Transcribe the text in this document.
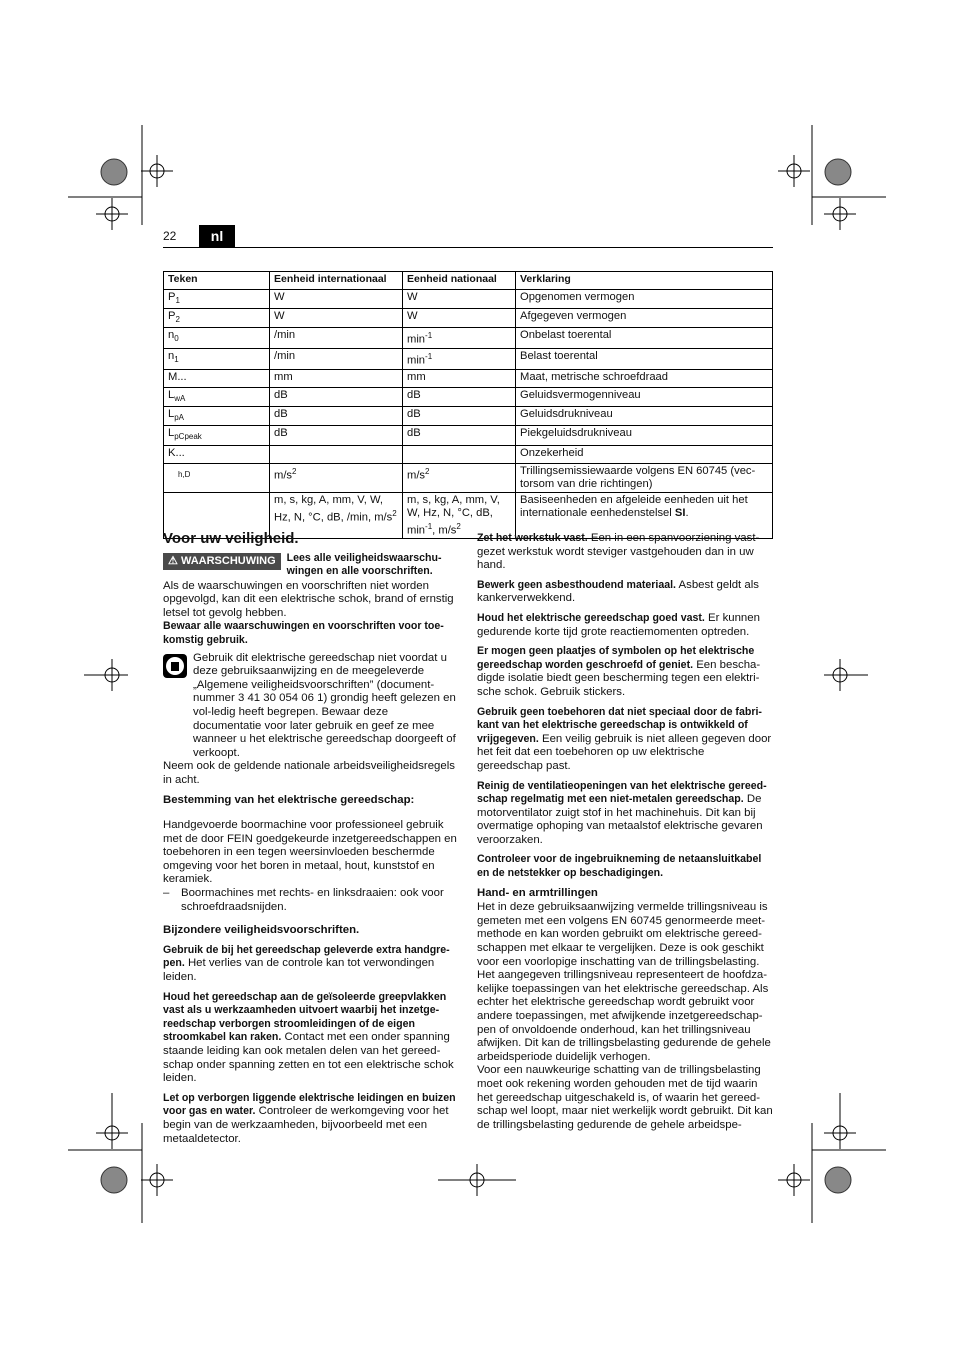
22	nl
Teken	Eenheid internationaal	Eenheid nationaal	Verklaring
$P_1$	W	W	Opgenomen vermogen
$P_2$	W	W	Afgegeven vermogen
$n_0$	/min	$\min^{-1}$	Onbelast toerental
$n_1$	/min	$\min^{-1}$	Belast toerental
M...	mm	mm	Maat, metrische schroefdraad
$L_{wA}$	dB	dB	Geluidsvermogenniveau
$L_{pA}$	dB	dB	Geluidsdrukniveau
$L_{pCpeak}$	dB	dB	Piekgeluidsdrukniveau
K...			Onzekerheid
$_{h,D}$	$m/s^2$	$m/s^2$	Trillingsemissiewaarde volgens EN 60745 (vec-torsom van drie richtingen)
	m, s, kg, A, mm, V, W, Hz, N, °C, dB, /min, $m/s^2$	m, s, kg, A, mm, V, W, Hz, N, °C, dB, $\min^{-1}$, $m/s^2$	Basiseenheden en afgeleide eenheden uit het internationale eenhedenstelsel SI.
Voor uw veiligheid.
⚠ WAARSCHUWING	Lees alle veiligheidswaarschu-wingen en alle voorschriften.

Als de waarschuwingen en voorschriften niet worden opgevolgd, kan dit een elektrische schok, brand of ernstig letsel tot gevolg hebben.

Bewaar alle waarschuwingen en voorschriften voor toe-komstig gebruik.

Gebruik dit elektrische gereedschap niet voordat u deze gebruiksaanwijzing en de meegeleverde „Algemene veiligheidsvoorschriften” (document-nummer 3 41 30 054 06 1) grondig heeft gelezen en vol-ledig heeft begrepen. Bewaar deze documentatie voor later gebruik en geef ze mee wanneer u het elektrische gereedschap doorgeeft of verkoopt.

Neem ook de geldende nationale arbeidsveiligheidsregels in acht.

Bestemming van het elektrische gereedschap:

Handgevoerde boormachine voor professioneel gebruik met de door FEIN goedgekeurde inzetgereedschappen en toebehoren in een tegen weersinvloeden beschermde omgeving voor het boren in metaal, hout, kunststof en keramiek.

–	Boormachines met rechts- en linksdraaien: ook voor schroefdraadsnijden.
Bijzondere veiligheidsvoorschriften.

Gebruik de bij het gereedschap geleverde extra handgre-pen. Het verlies van de controle kan tot verwondingen leiden.

Houd het gereedschap aan de geïsoleerde greepvlakken vast als u werkzaamheden uitvoert waarbij het inzetge-reedschap verborgen stroomleidingen of de eigen stroomkabel kan raken. Contact met een onder spanning staande leiding kan ook metalen delen van het gereed-schap onder spanning zetten en tot een elektrische schok leiden.

Let op verborgen liggende elektrische leidingen en buizen voor gas en water. Controleer de werkomgeving voor het begin van de werkzaamheden, bijvoorbeeld met een metaaldetector.

Zet het werkstuk vast. Een in een spanvoorziening vast-gezet werkstuk wordt steviger vastgehouden dan in uw hand.

Bewerk geen asbesthoudend materiaal. Asbest geldt als kankerverwekkend.

Houd het elektrische gereedschap goed vast. Er kunnen gedurende korte tijd grote reactiemomenten optreden.

Er mogen geen plaatjes of symbolen op het elektrische gereedschap worden geschroefd of geniet. Een bescha-digde isolatie biedt geen bescherming tegen een elektri-sche schok. Gebruik stickers.

Gebruik geen toebehoren dat niet speciaal door de fabri-kant van het elektrische gereedschap is ontwikkeld of vrijgegeven. Een veilig gebruik is niet alleen gegeven door het feit dat een toebehoren op uw elektrische gereedschap past.

Reinig de ventilatieopeningen van het elektrische gereed-schap regelmatig met een niet-metalen gereedschap. De motorventilator zuigt stof in het machinehuis. Dit kan bij overmatige ophoping van metaalstof elektrische gevaren veroorzaken.

Controleer voor de ingebruikneming de netaansluitkabel en de netstekker op beschadigingen.

Hand- en armtrillingen

Het in deze gebruiksaanwijzing vermelde trillingsniveau is gemeten met een volgens EN 60745 genormeerde meet-methode en kan worden gebruikt om elektrische gereed-schappen met elkaar te vergelijken. Deze is ook geschikt voor een voorlopige inschatting van de trillingsbelasting. Het aangegeven trillingsniveau representeert de hoofdza-kelijke toepassingen van het elektrische gereedschap. Als echter het elektrische gereedschap wordt gebruikt voor andere toepassingen, met afwijkende inzetgereedschap-pen of onvoldoende onderhoud, kan het trillingsniveau afwijken. Dit kan de trillingsbelasting gedurende de gehele arbeidsperiode duidelijk verhogen.

Voor een nauwkeurige schatting van de trillingsbelasting moet ook rekening worden gehouden met de tijd waarin het gereedschap uitgeschakeld is, of waarin het gereed-schap wel loopt, maar niet werkelijk wordt gebruikt. Dit kan de trillingsbelasting gedurende de gehele arbeidspe-
